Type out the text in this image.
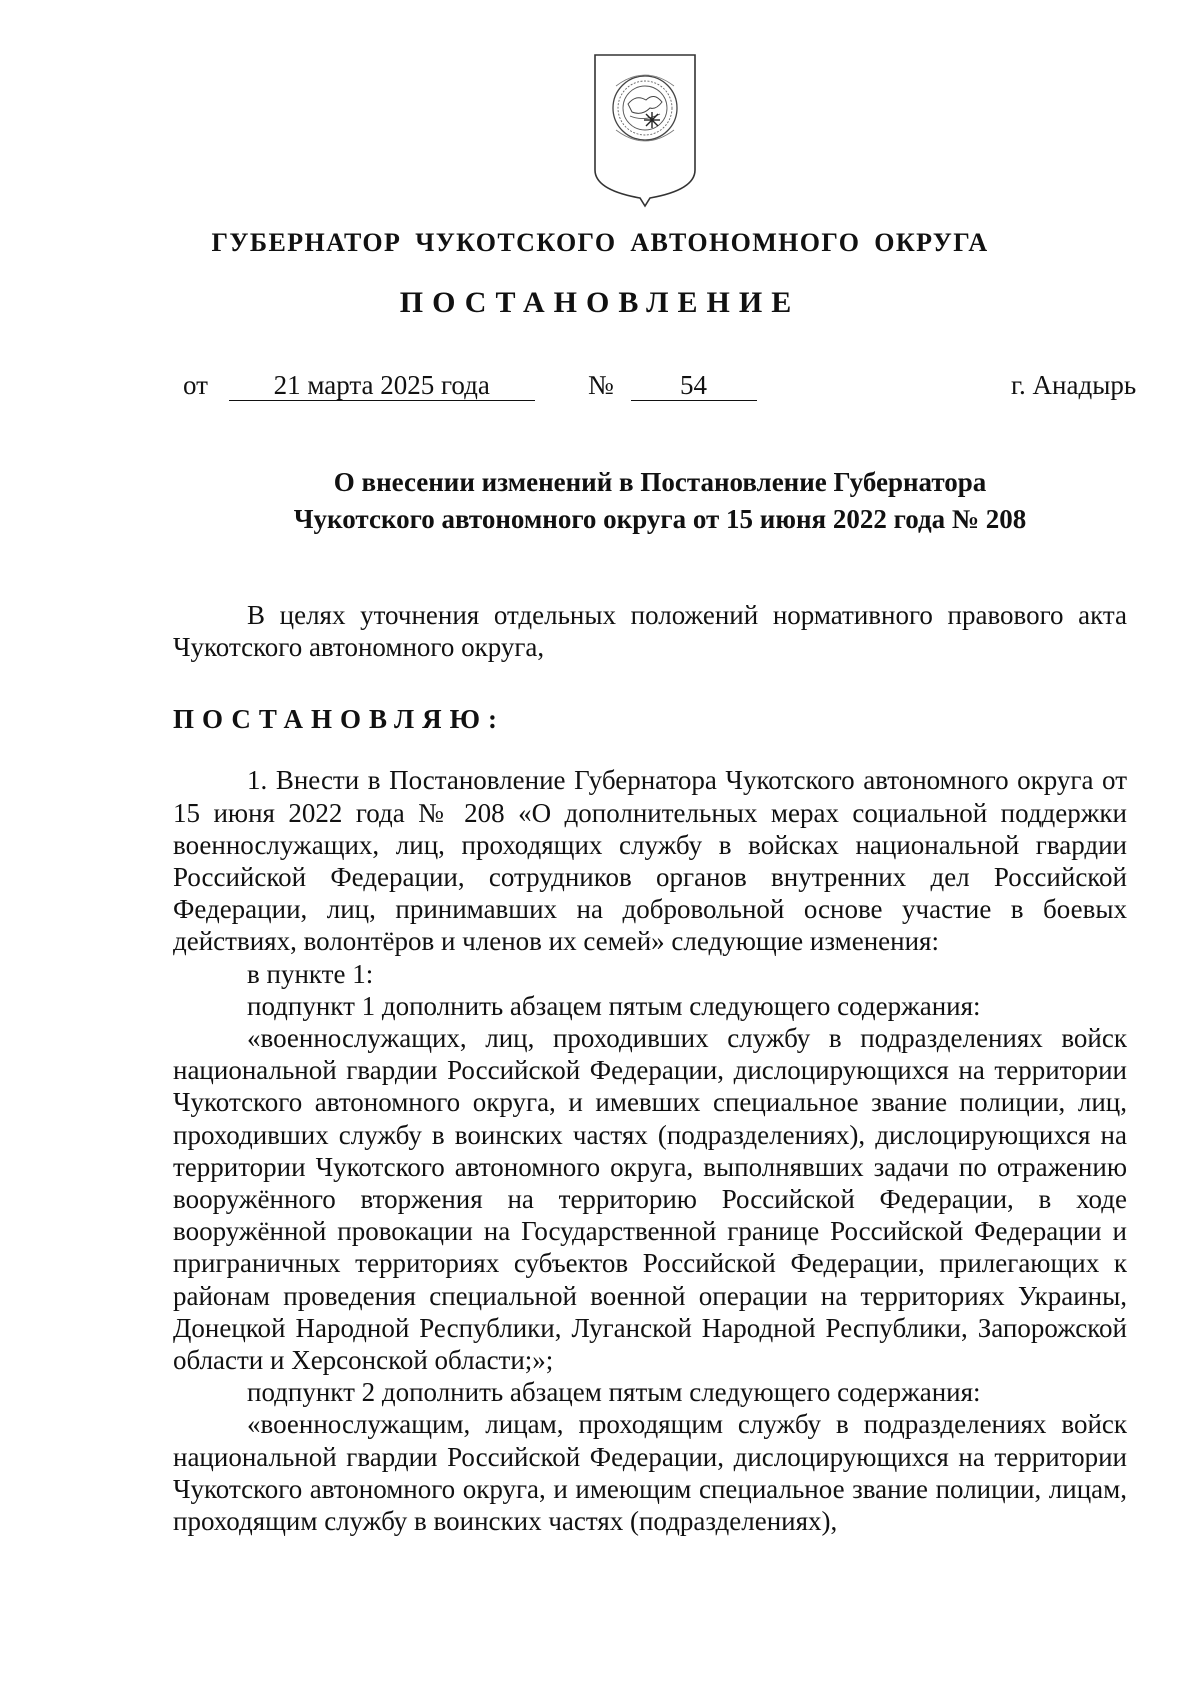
ГУБЕРНАТОР ЧУКОТСКОГО АВТОНОМНОГО ОКРУГА
ПОСТАНОВЛЕНИЕ
от 21 марта 2025 года	№ 54	г. Анадырь
О внесении изменений в Постановление Губернатора
Чукотского автономного округа от 15 июня 2022 года № 208

В целях уточнения отдельных положений нормативного правового акта Чукотского автономного округа,

ПОСТАНОВЛЯЮ:

1. Внести в Постановление Губернатора Чукотского автономного округа от 15 июня 2022 года № 208 «О дополнительных мерах социальной поддержки военнослужащих, лиц, проходящих службу в войсках национальной гвардии Российской Федерации, сотрудников органов внутренних дел Российской Федерации, лиц, принимавших на добровольной основе участие в боевых действиях, волонтёров и членов их семей» следующие изменения:

в пункте 1:

подпункт 1 дополнить абзацем пятым следующего содержания:

«военнослужащих, лиц, проходивших службу в подразделениях войск национальной гвардии Российской Федерации, дислоцирующихся на территории Чукотского автономного округа, и имевших специальное звание полиции, лиц, проходивших службу в воинских частях (подразделениях), дислоцирующихся на территории Чукотского автономного округа, выполнявших задачи по отражению вооружённого вторжения на территорию Российской Федерации, в ходе вооружённой провокации на Государственной границе Российской Федерации и приграничных территориях субъектов Российской Федерации, прилегающих к районам проведения специальной военной операции на территориях Украины, Донецкой Народной Республики, Луганской Народной Республики, Запорожской области и Херсонской области;»;

подпункт 2 дополнить абзацем пятым следующего содержания:

«военнослужащим, лицам, проходящим службу в подразделениях войск национальной гвардии Российской Федерации, дислоцирующихся на территории Чукотского автономного округа, и имеющим специальное звание полиции, лицам, проходящим службу в воинских частях (подразделениях),
